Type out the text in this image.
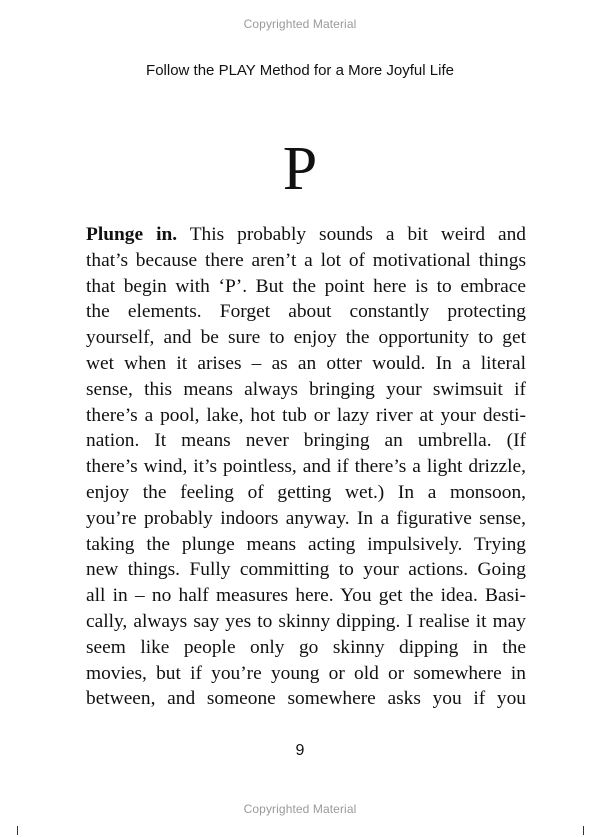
Copyrighted Material
Follow the PLAY Method for a More Joyful Life
P
Plunge in. This probably sounds a bit weird and
that’s because there aren’t a lot of motivational things
that begin with ‘P’. But the point here is to embrace
the elements. Forget about constantly protecting
yourself, and be sure to enjoy the opportunity to get
wet when it arises – as an otter would. In a literal
sense, this means always bringing your swimsuit if
there’s a pool, lake, hot tub or lazy river at your desti-
nation. It means never bringing an umbrella. (If
there’s wind, it’s pointless, and if there’s a light drizzle,
enjoy the feeling of getting wet.) In a monsoon,
you’re probably indoors anyway. In a figurative sense,
taking the plunge means acting impulsively. Trying
new things. Fully committing to your actions. Going
all in – no half measures here. You get the idea. Basi-
cally, always say yes to skinny dipping. I realise it may
seem like people only go skinny dipping in the
movies, but if you’re young or old or somewhere in
between, and someone somewhere asks you if you
9
Copyrighted Material
